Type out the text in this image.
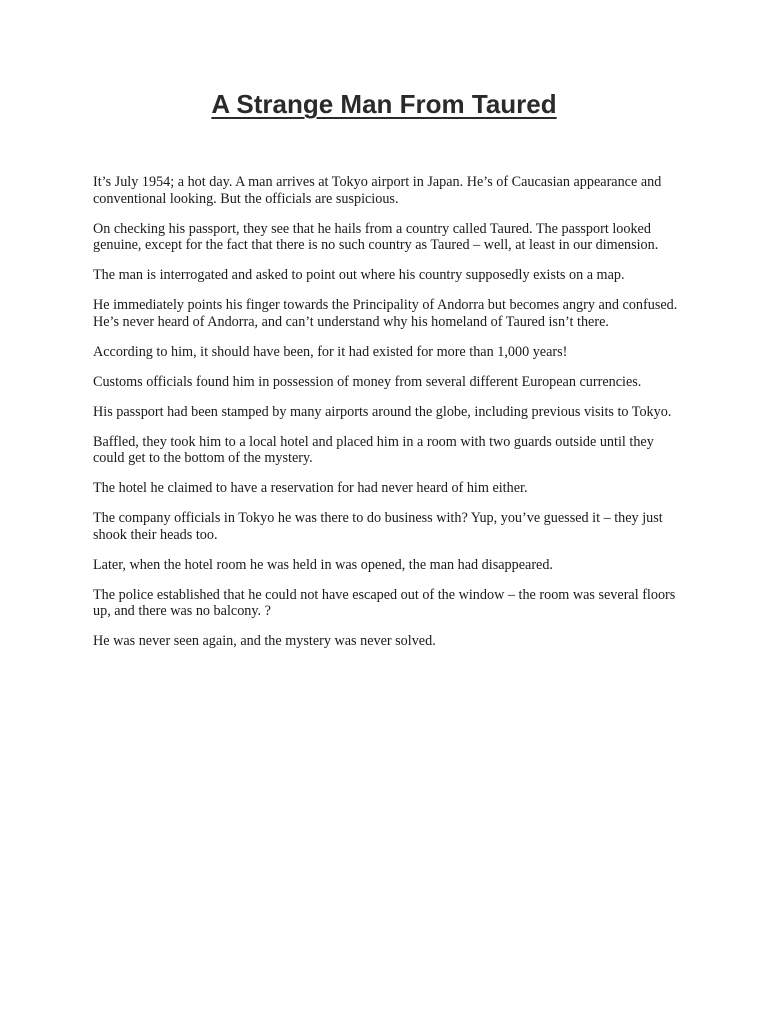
A Strange Man From Taured

It’s July 1954; a hot day. A man arrives at Tokyo airport in Japan. He’s of Caucasian appearance and conventional looking. But the officials are suspicious.

On checking his passport, they see that he hails from a country called Taured. The passport looked genuine, except for the fact that there is no such country as Taured – well, at least in our dimension.

The man is interrogated and asked to point out where his country supposedly exists on a map.

He immediately points his finger towards the Principality of Andorra but becomes angry and confused. He’s never heard of Andorra, and can’t understand why his homeland of Taured isn’t there.

According to him, it should have been, for it had existed for more than 1,000 years!

Customs officials found him in possession of money from several different European currencies.

His passport had been stamped by many airports around the globe, including previous visits to Tokyo.

Baffled, they took him to a local hotel and placed him in a room with two guards outside until they could get to the bottom of the mystery.

The hotel he claimed to have a reservation for had never heard of him either.

The company officials in Tokyo he was there to do business with? Yup, you’ve guessed it – they just shook their heads too.

Later, when the hotel room he was held in was opened, the man had disappeared.

The police established that he could not have escaped out of the window – the room was several floors up, and there was no balcony. ?

He was never seen again, and the mystery was never solved.
